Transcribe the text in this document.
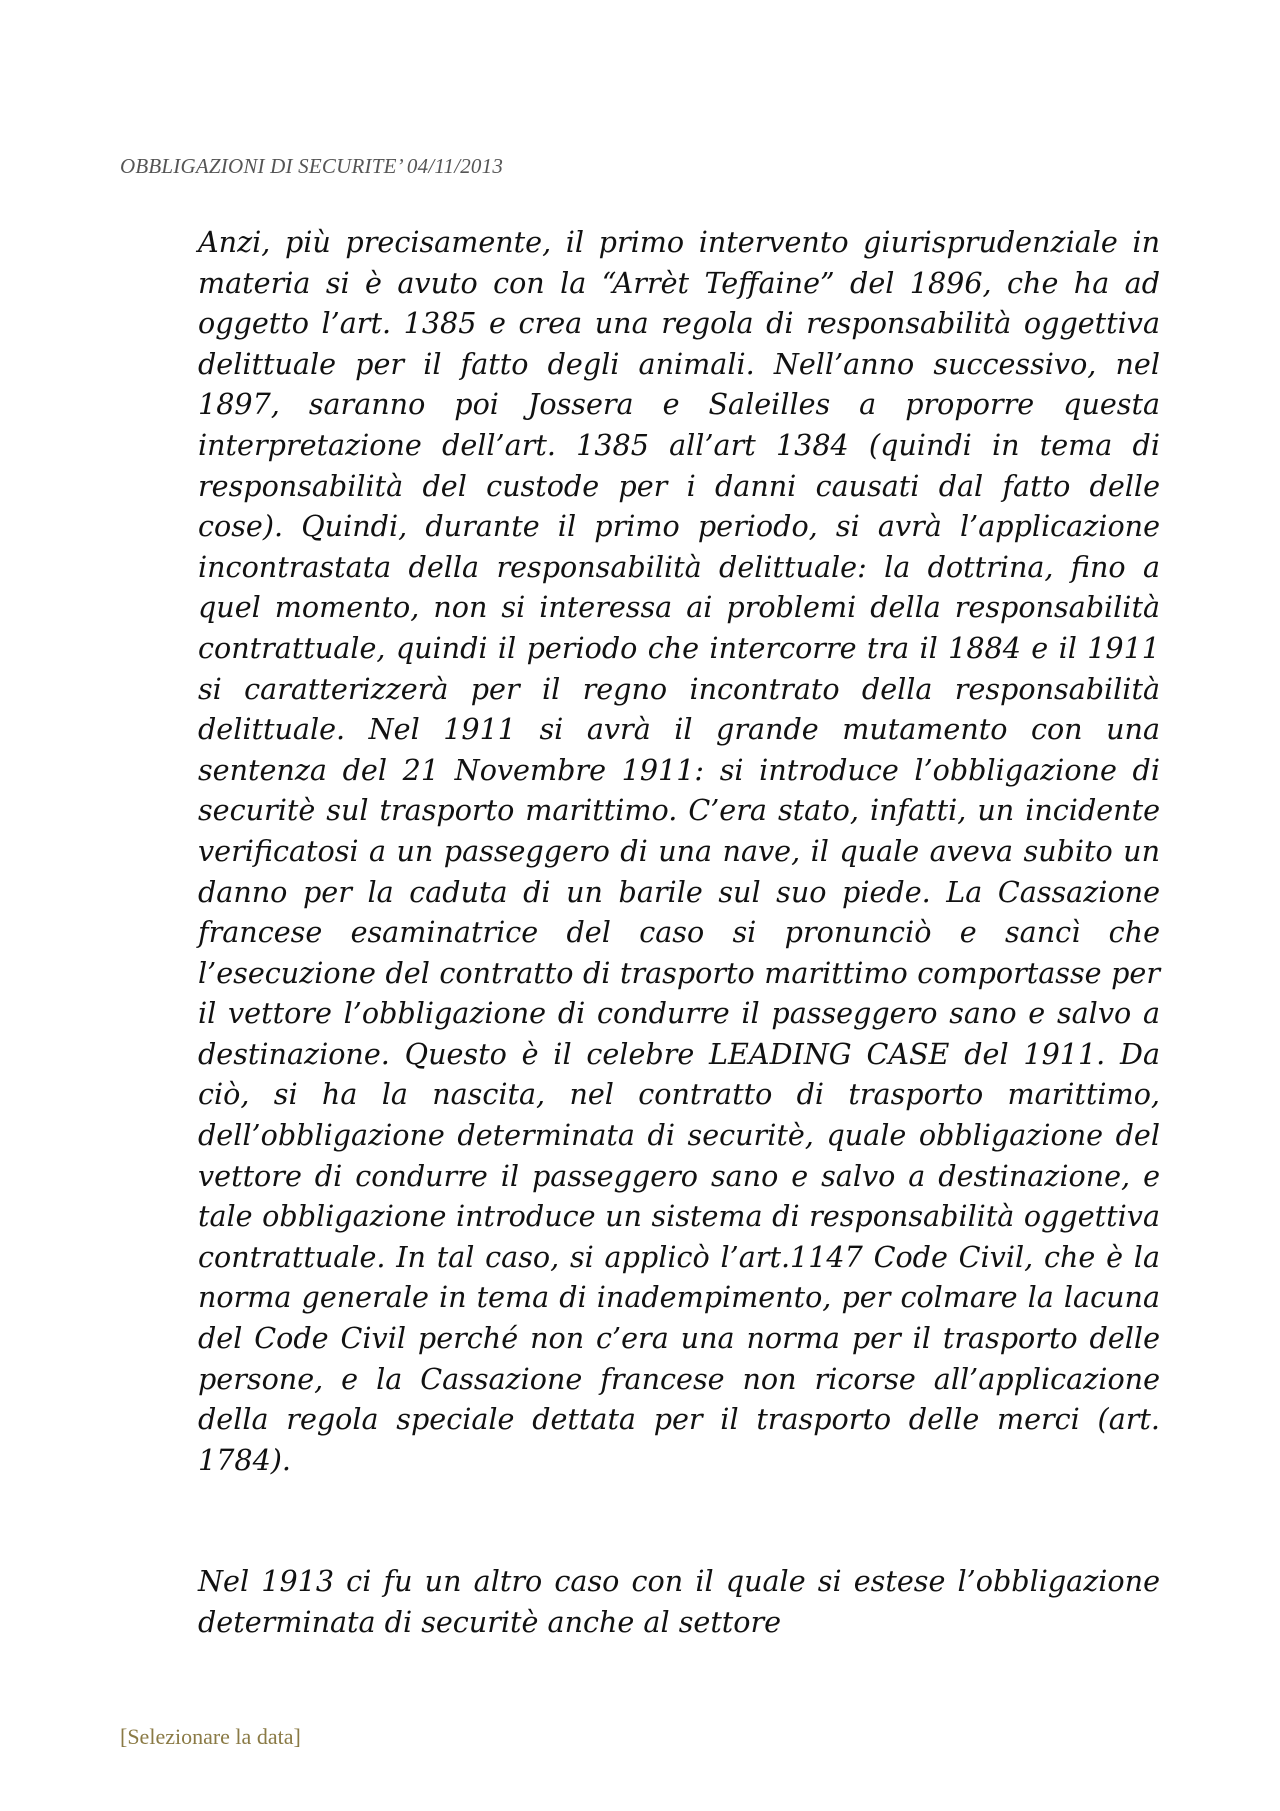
OBBLIGAZIONI DI SECURITE’ 04/11/2013

Anzi, più precisamente, il primo intervento giurisprudenziale in materia si è avuto con la “Arrèt Teffaine” del 1896, che ha ad oggetto l’art. 1385 e crea una regola di responsabilità oggettiva delittuale per il fatto degli animali. Nell’anno successivo, nel 1897, saranno poi Jossera e Saleilles a proporre questa interpretazione dell’art. 1385 all’art 1384 (quindi in tema di responsabilità del custode per i danni causati dal fatto delle cose). Quindi, durante il primo periodo, si avrà l’applicazione incontrastata della responsabilità delittuale: la dottrina, fino a quel momento, non si interessa ai problemi della responsabilità contrattuale, quindi il periodo che intercorre tra il 1884 e il 1911 si caratterizzerà per il regno incontrato della responsabilità delittuale. Nel 1911 si avrà il grande mutamento con una sentenza del 21 Novembre 1911: si introduce l’obbligazione di securitè sul trasporto marittimo. C’era stato, infatti, un incidente verificatosi a un passeggero di una nave, il quale aveva subito un danno per la caduta di un barile sul suo piede. La Cassazione francese esaminatrice del caso si pronunciò e sancì che l’esecuzione del contratto di trasporto marittimo comportasse per il vettore l’obbligazione di condurre il passeggero sano e salvo a destinazione. Questo è il celebre LEADING CASE del 1911. Da ciò, si ha la nascita, nel contratto di trasporto marittimo, dell’obbligazione determinata di securitè, quale obbligazione del vettore di condurre il passeggero sano e salvo a destinazione, e tale obbligazione introduce un sistema di responsabilità oggettiva contrattuale. In tal caso, si applicò l’art.1147 Code Civil, che è la norma generale in tema di inadempimento, per colmare la lacuna del Code Civil perché non c’era una norma per il trasporto delle persone, e la Cassazione francese non ricorse all’applicazione della regola speciale dettata per il trasporto delle merci (art. 1784).

Nel 1913 ci fu un altro caso con il quale si estese l’obbligazione determinata di securitè anche al settore

[Selezionare la data]
